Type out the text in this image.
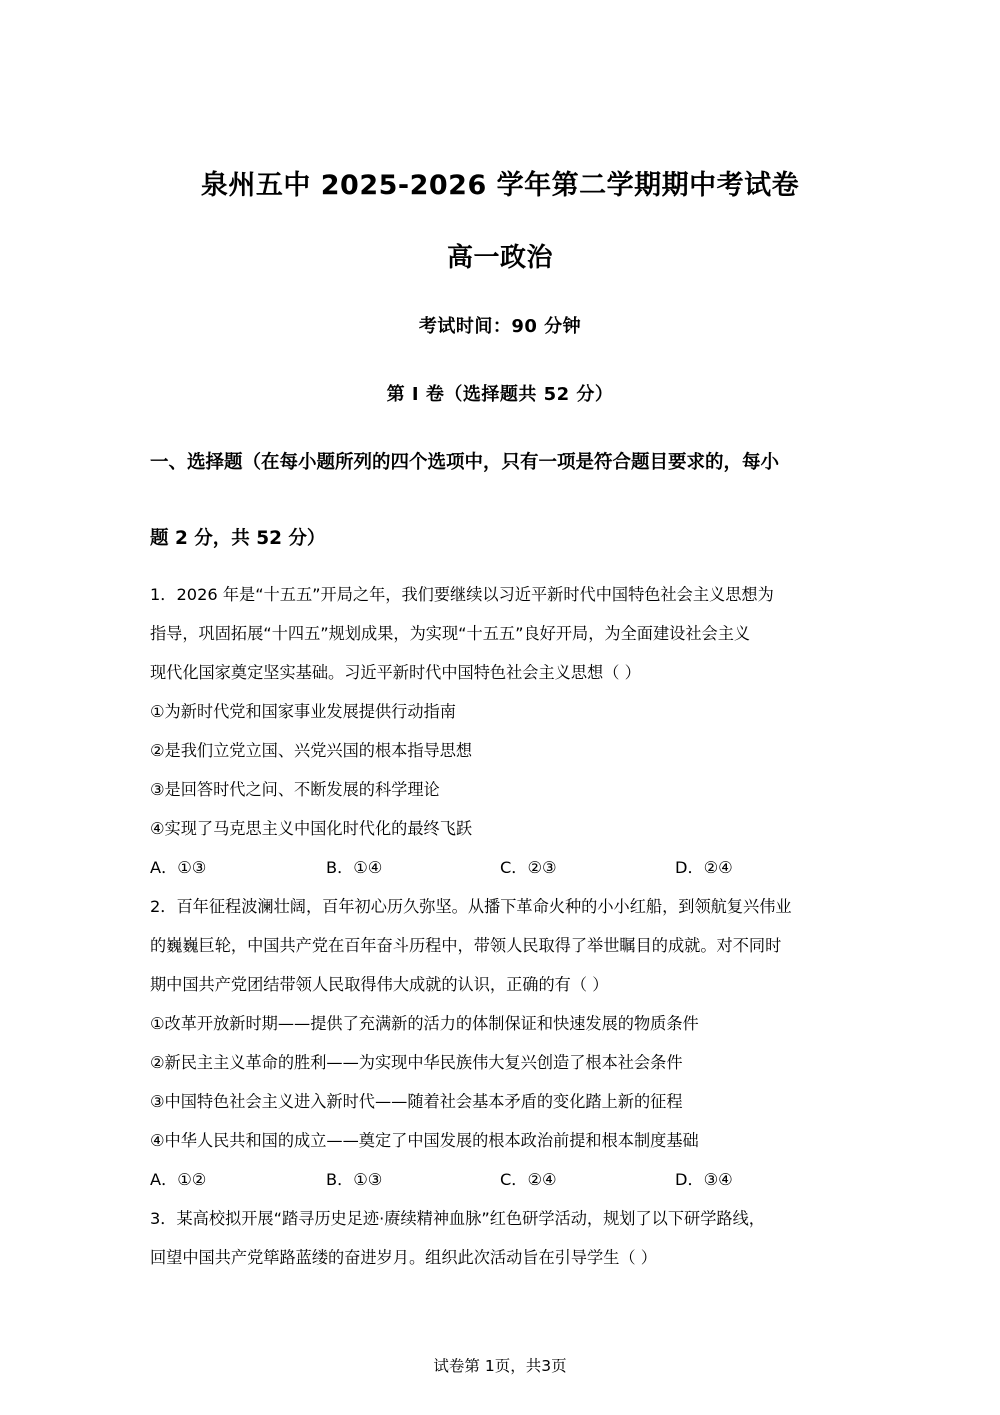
泉州五中 2025-2026 学年第二学期期中考试卷
高一政治
考试时间：90 分钟
第 I 卷（选择题共 52 分）
一、选择题（在每小题所列的四个选项中，只有一项是符合题目要求的，每小
题 2 分，共 52 分）
1．2026 年是“十五五”开局之年，我们要继续以习近平新时代中国特色社会主义思想为
指导，巩固拓展“十四五”规划成果，为实现“十五五”良好开局，为全面建设社会主义
现代化国家奠定坚实基础。习近平新时代中国特色社会主义思想（ ）
①为新时代党和国家事业发展提供行动指南
②是我们立党立国、兴党兴国的根本指导思想
③是回答时代之问、不断发展的科学理论
④实现了马克思主义中国化时代化的最终飞跃
A．①③	B．①④	C．②③	D．②④
2．百年征程波澜壮阔，百年初心历久弥坚。从播下革命火种的小小红船，到领航复兴伟业
的巍巍巨轮，中国共产党在百年奋斗历程中，带领人民取得了举世瞩目的成就。对不同时
期中国共产党团结带领人民取得伟大成就的认识，正确的有（ ）
①改革开放新时期——提供了充满新的活力的体制保证和快速发展的物质条件
②新民主主义革命的胜利——为实现中华民族伟大复兴创造了根本社会条件
③中国特色社会主义进入新时代——随着社会基本矛盾的变化踏上新的征程
④中华人民共和国的成立——奠定了中国发展的根本政治前提和根本制度基础
A．①②	B．①③	C．②④	D．③④
3．某高校拟开展“踏寻历史足迹·赓续精神血脉”红色研学活动，规划了以下研学路线，
回望中国共产党筚路蓝缕的奋进岁月。组织此次活动旨在引导学生（ ）
试卷第 1页，共3页
